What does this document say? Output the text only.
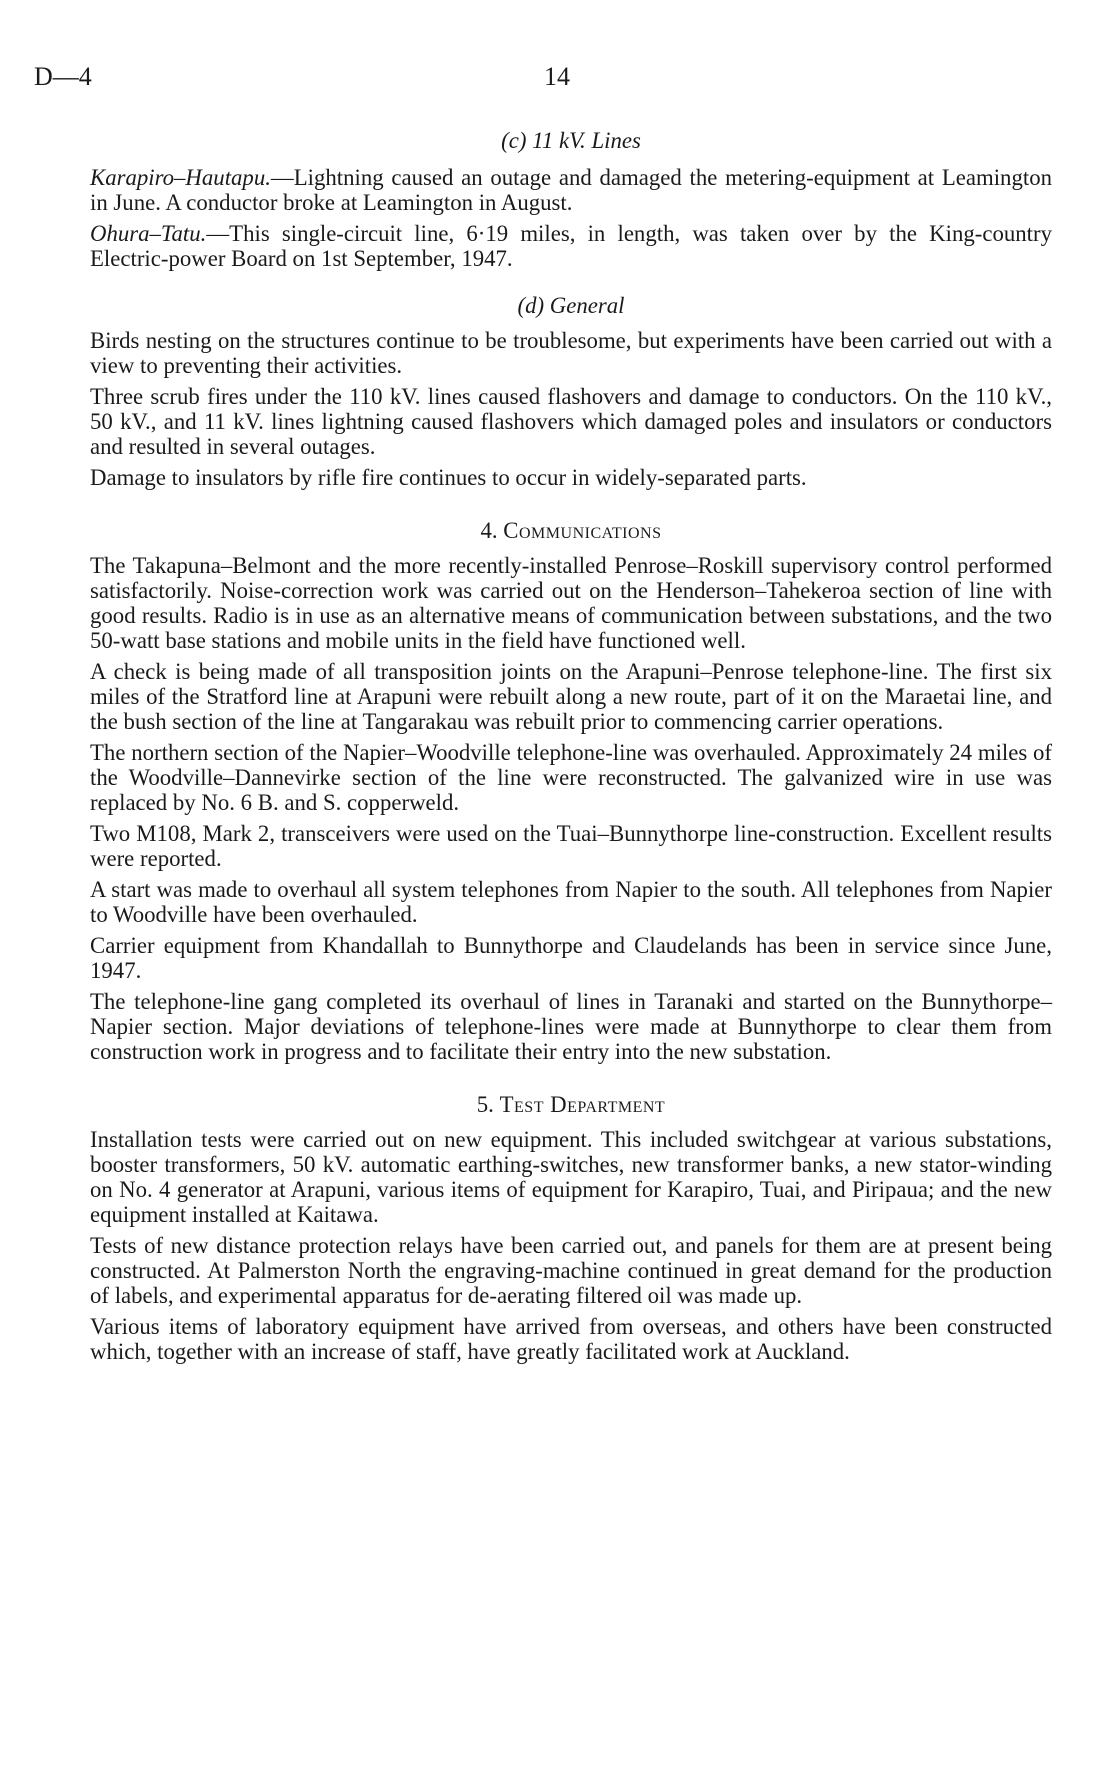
D—4	14
(c) 11 kV. Lines

Karapiro–Hautapu.—Lightning caused an outage and damaged the metering-equipment at Leamington in June. A conductor broke at Leamington in August.

Ohura–Tatu.—This single-circuit line, 6·19 miles, in length, was taken over by the King-country Electric-power Board on 1st September, 1947.

(d) General

Birds nesting on the structures continue to be troublesome, but experiments have been carried out with a view to preventing their activities.

Three scrub fires under the 110 kV. lines caused flashovers and damage to conductors. On the 110 kV., 50 kV., and 11 kV. lines lightning caused flashovers which damaged poles and insulators or conductors and resulted in several outages.

Damage to insulators by rifle fire continues to occur in widely-separated parts.

4. Communications

The Takapuna–Belmont and the more recently-installed Penrose–Roskill supervisory control performed satisfactorily. Noise-correction work was carried out on the Henderson–Tahekeroa section of line with good results. Radio is in use as an alternative means of communication between substations, and the two 50-watt base stations and mobile units in the field have functioned well.

A check is being made of all transposition joints on the Arapuni–Penrose telephone-line. The first six miles of the Stratford line at Arapuni were rebuilt along a new route, part of it on the Maraetai line, and the bush section of the line at Tangarakau was rebuilt prior to commencing carrier operations.

The northern section of the Napier–Woodville telephone-line was overhauled. Approximately 24 miles of the Woodville–Dannevirke section of the line were reconstructed. The galvanized wire in use was replaced by No. 6 B. and S. copperweld.

Two M108, Mark 2, transceivers were used on the Tuai–Bunnythorpe line-construction. Excellent results were reported.

A start was made to overhaul all system telephones from Napier to the south. All telephones from Napier to Woodville have been overhauled.

Carrier equipment from Khandallah to Bunnythorpe and Claudelands has been in service since June, 1947.

The telephone-line gang completed its overhaul of lines in Taranaki and started on the Bunnythorpe–Napier section. Major deviations of telephone-lines were made at Bunnythorpe to clear them from construction work in progress and to facilitate their entry into the new substation.

5. Test Department

Installation tests were carried out on new equipment. This included switchgear at various substations, booster transformers, 50 kV. automatic earthing-switches, new transformer banks, a new stator-winding on No. 4 generator at Arapuni, various items of equipment for Karapiro, Tuai, and Piripaua; and the new equipment installed at Kaitawa.

Tests of new distance protection relays have been carried out, and panels for them are at present being constructed. At Palmerston North the engraving-machine continued in great demand for the production of labels, and experimental apparatus for de-aerating filtered oil was made up.

Various items of laboratory equipment have arrived from overseas, and others have been constructed which, together with an increase of staff, have greatly facilitated work at Auckland.
